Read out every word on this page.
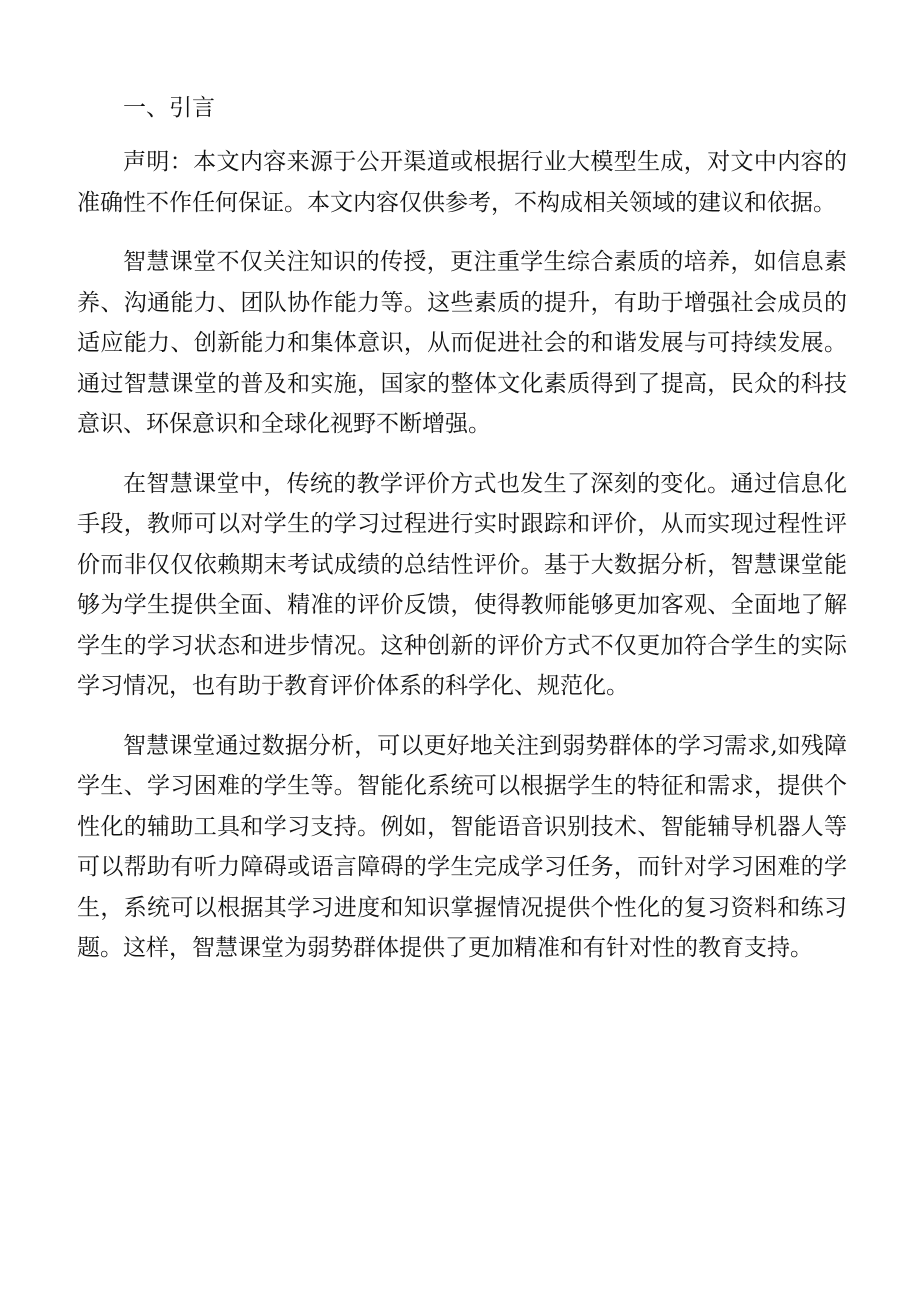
一、引言

声明：本文内容来源于公开渠道或根据行业大模型生成，对文中内容的准确性不作任何保证。本文内容仅供参考，不构成相关领域的建议和依据。

智慧课堂不仅关注知识的传授，更注重学生综合素质的培养，如信息素养、沟通能力、团队协作能力等。这些素质的提升，有助于增强社会成员的适应能力、创新能力和集体意识，从而促进社会的和谐发展与可持续发展。通过智慧课堂的普及和实施，国家的整体文化素质得到了提高，民众的科技意识、环保意识和全球化视野不断增强。

在智慧课堂中，传统的教学评价方式也发生了深刻的变化。通过信息化手段，教师可以对学生的学习过程进行实时跟踪和评价，从而实现过程性评价而非仅仅依赖期末考试成绩的总结性评价。基于大数据分析，智慧课堂能够为学生提供全面、精准的评价反馈，使得教师能够更加客观、全面地了解学生的学习状态和进步情况。这种创新的评价方式不仅更加符合学生的实际学习情况，也有助于教育评价体系的科学化、规范化。

智慧课堂通过数据分析，可以更好地关注到弱势群体的学习需求,如残障学生、学习困难的学生等。智能化系统可以根据学生的特征和需求，提供个性化的辅助工具和学习支持。例如，智能语音识别技术、智能辅导机器人等可以帮助有听力障碍或语言障碍的学生完成学习任务，而针对学习困难的学生，系统可以根据其学习进度和知识掌握情况提供个性化的复习资料和练习题。这样，智慧课堂为弱势群体提供了更加精准和有针对性的教育支持。
